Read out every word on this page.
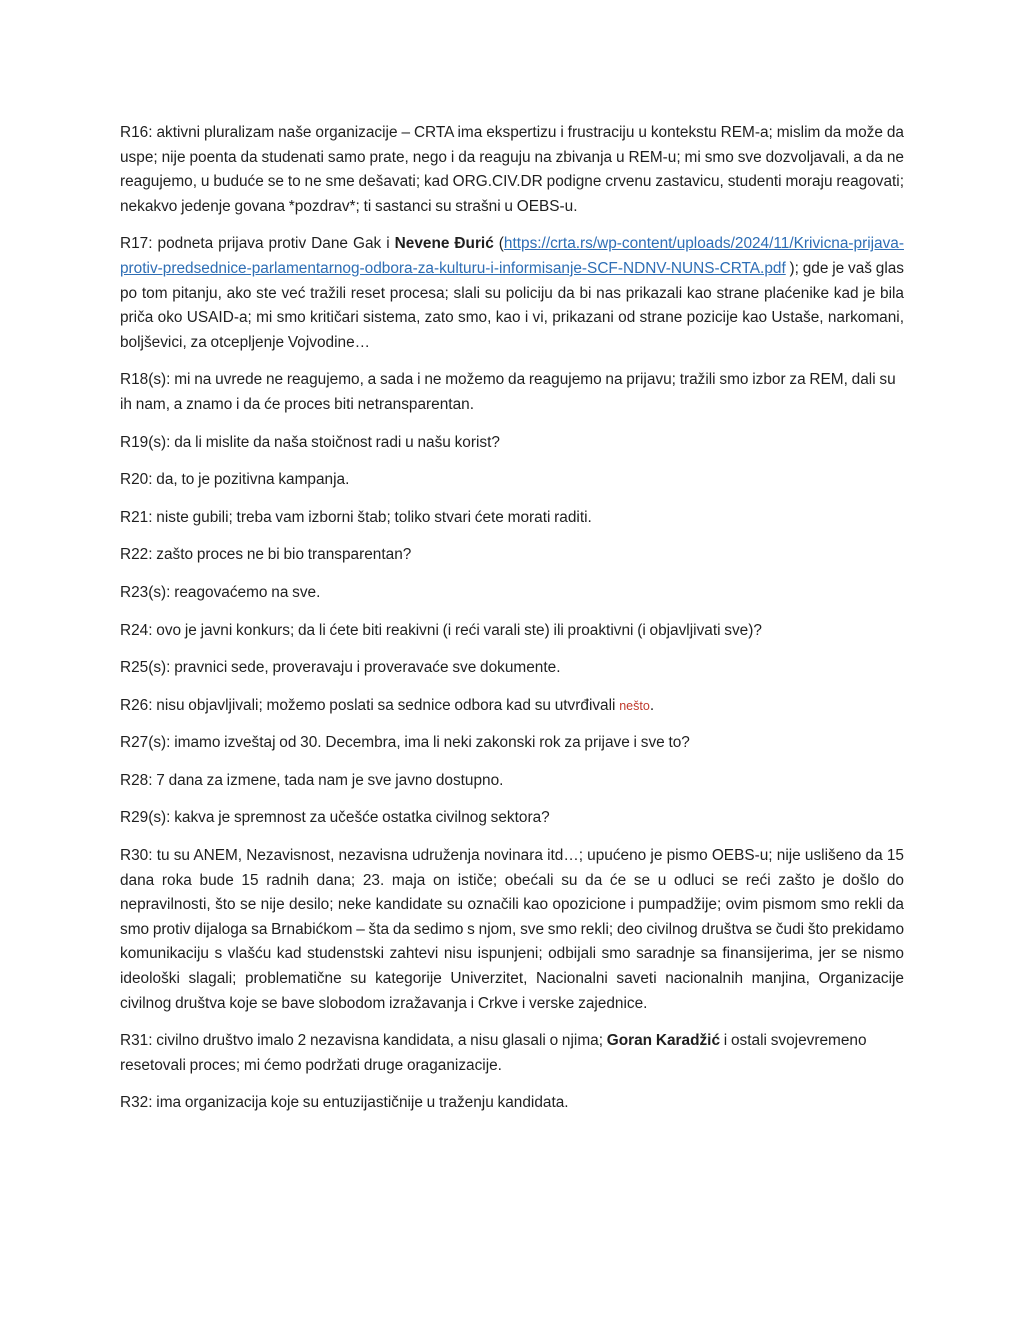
R16: aktivni pluralizam naše organizacije – CRTA ima ekspertizu i frustraciju u kontekstu REM-a; mislim da može da uspe; nije poenta da studenati samo prate, nego i da reaguju na zbivanja u REM-u; mi smo sve dozvoljavali, a da ne reagujemo, u buduće se to ne sme dešavati; kad ORG.CIV.DR podigne crvenu zastavicu, studenti moraju reagovati; nekakvo jedenje govana *pozdrav*; ti sastanci su strašni u OEBS-u.

R17: podneta prijava protiv Dane Gak i Nevene Đurić (https://crta.rs/wp-content/uploads/2024/11/Krivicna-prijava-protiv-predsednice-parlamentarnog-odbora-za-kulturu-i-informisanje-SCF-NDNV-NUNS-CRTA.pdf ); gde je vaš glas po tom pitanju, ako ste već tražili reset procesa; slali su policiju da bi nas prikazali kao strane plaćenike kad je bila priča oko USAID-a; mi smo kritičari sistema, zato smo, kao i vi, prikazani od strane pozicije kao Ustaše, narkomani, boljševici, za otcepljenje Vojvodine…

R18(s): mi na uvrede ne reagujemo, a sada i ne možemo da reagujemo na prijavu; tražili smo izbor za REM, dali su ih nam, a znamo i da će proces biti netransparentan.

R19(s): da li mislite da naša stoičnost radi u našu korist?

R20: da, to je pozitivna kampanja.

R21: niste gubili; treba vam izborni štab; toliko stvari ćete morati raditi.

R22: zašto proces ne bi bio transparentan?

R23(s): reagovaćemo na sve.

R24: ovo je javni konkurs; da li ćete biti reakivni (i reći varali ste) ili proaktivni (i objavljivati sve)?

R25(s): pravnici sede, proveravaju i proveravaće sve dokumente.

R26: nisu objavljivali; možemo poslati sa sednice odbora kad su utvrđivali nešto.

R27(s): imamo izveštaj od 30. Decembra, ima li neki zakonski rok za prijave i sve to?

R28: 7 dana za izmene, tada nam je sve javno dostupno.

R29(s): kakva je spremnost za učešće ostatka civilnog sektora?

R30: tu su ANEM, Nezavisnost, nezavisna udruženja novinara itd…; upućeno je pismo OEBS-u; nije uslišeno da 15 dana roka bude 15 radnih dana; 23. maja on ističe; obećali su da će se u odluci se reći zašto je došlo do nepravilnosti, što se nije desilo; neke kandidate su označili kao opozicione i pumpadžije; ovim pismom smo rekli da smo protiv dijaloga sa Brnabićkom – šta da sedimo s njom, sve smo rekli; deo civilnog društva se čudi što prekidamo komunikaciju s vlašću kad studenstski zahtevi nisu ispunjeni; odbijali smo saradnje sa finansijerima, jer se nismo ideološki slagali; problematične su kategorije Univerzitet, Nacionalni saveti nacionalnih manjina, Organizacije civilnog društva koje se bave slobodom izražavanja i Crkve i verske zajednice.

R31: civilno društvo imalo 2 nezavisna kandidata, a nisu glasali o njima; Goran Karadžić i ostali svojevremeno resetovali proces; mi ćemo podržati druge oraganizacije.

R32: ima organizacija koje su entuzijastičnije u traženju kandidata.
